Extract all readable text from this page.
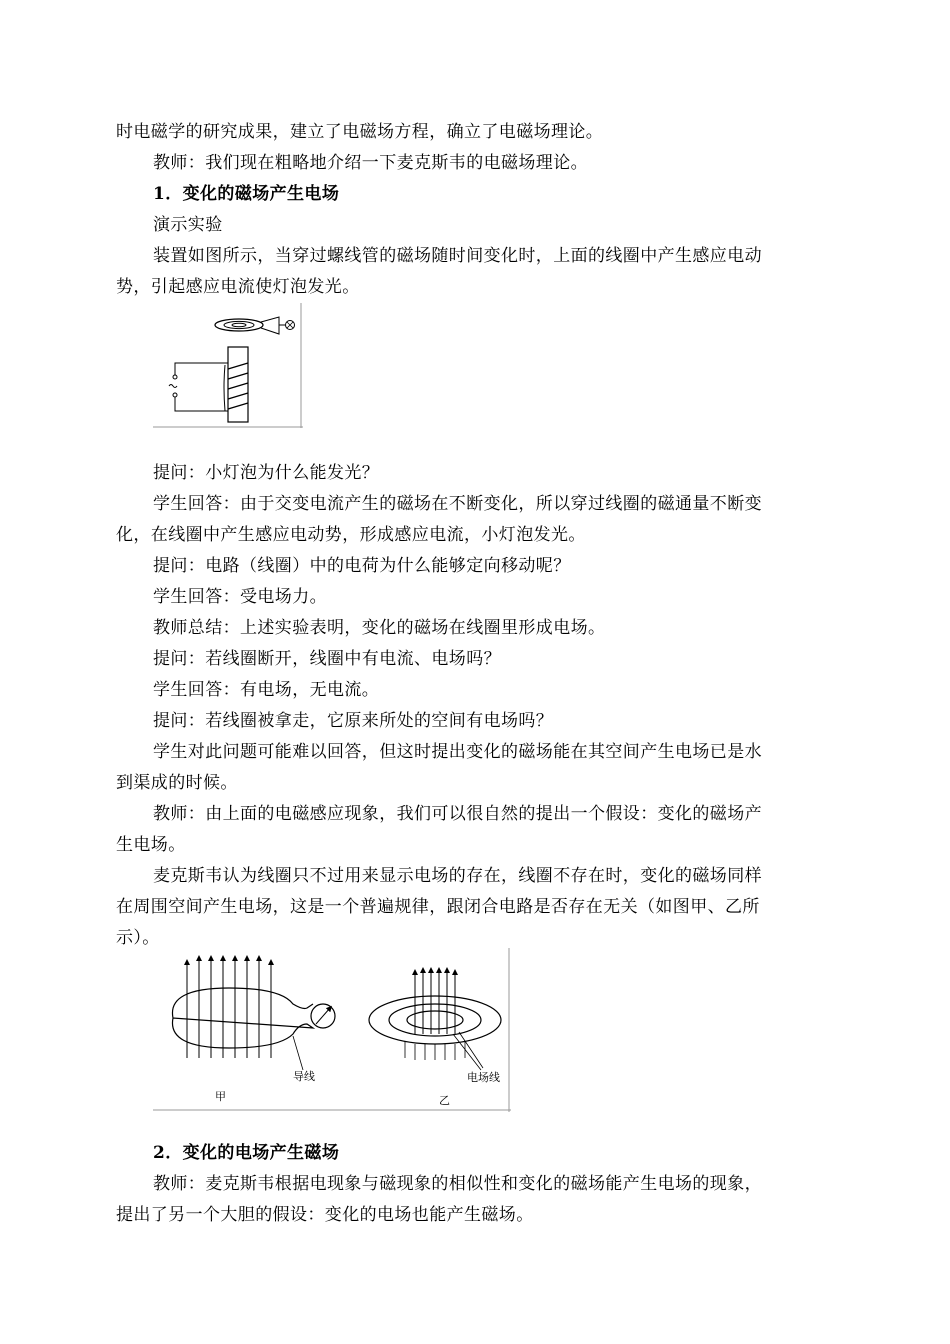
时电磁学的研究成果，建立了电磁场方程，确立了电磁场理论。
教师：我们现在粗略地介绍一下麦克斯韦的电磁场理论。
1．变化的磁场产生电场
演示实验
装置如图所示，当穿过螺线管的磁场随时间变化时，上面的线圈中产生感应电动
势，引起感应电流使灯泡发光。
提问：小灯泡为什么能发光？
学生回答：由于交变电流产生的磁场在不断变化，所以穿过线圈的磁通量不断变
化，在线圈中产生感应电动势，形成感应电流，小灯泡发光。
提问：电路（线圈）中的电荷为什么能够定向移动呢？
学生回答：受电场力。
教师总结：上述实验表明，变化的磁场在线圈里形成电场。
提问：若线圈断开，线圈中有电流、电场吗？
学生回答：有电场，无电流。
提问：若线圈被拿走，它原来所处的空间有电场吗？
学生对此问题可能难以回答，但这时提出变化的磁场能在其空间产生电场已是水
到渠成的时候。
教师：由上面的电磁感应现象，我们可以很自然的提出一个假设：变化的磁场产
生电场。
麦克斯韦认为线圈只不过用来显示电场的存在，线圈不存在时，变化的磁场同样
在周围空间产生电场，这是一个普遍规律，跟闭合电路是否存在无关（如图甲、乙所
示）。
导线
甲
电场线
乙
2．变化的电场产生磁场
教师：麦克斯韦根据电现象与磁现象的相似性和变化的磁场能产生电场的现象，
提出了另一个大胆的假设：变化的电场也能产生磁场。
